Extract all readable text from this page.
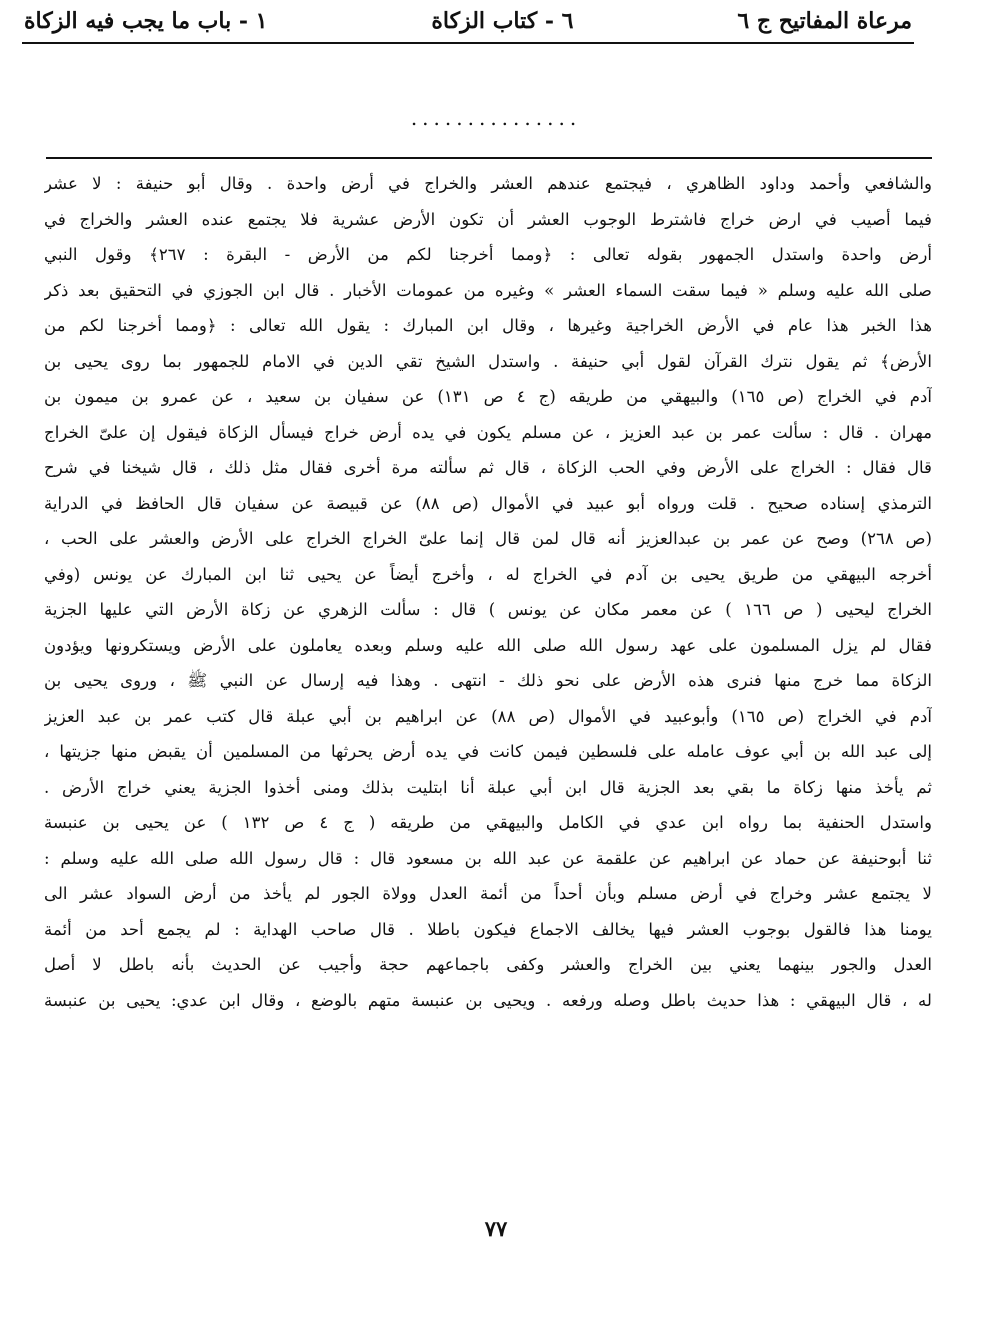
مرعاة المفاتيح ج ٦
٦ - كتاب الزكاة
١ - باب ما يجب فيه الزكاة
...............
والشافعي وأحمد وداود الظاهري ، فيجتمع عندهم العشر والخراج في أرض واحدة . وقال أبو حنيفة : لا عشر
فيما أصيب في ارض خراج فاشترط الوجوب العشر أن تكون الأرض عشرية فلا يجتمع عنده العشر والخراج في
أرض واحدة واستدل الجمهور بقوله تعالى : ﴿ومما أخرجنا لكم من الأرض - البقرة : ٢٦٧﴾ وقول النبي
صلى الله عليه وسلم « فيما سقت السماء العشر » وغيره من عمومات الأخبار . قال ابن الجوزي في التحقيق بعد ذكر
هذا الخبر هذا عام في الأرض الخراجية وغيرها ، وقال ابن المبارك : يقول الله تعالى : ﴿ومما أخرجنا لكم من
الأرض﴾ ثم يقول نترك القرآن لقول أبي حنيفة . واستدل الشيخ تقي الدين في الامام للجمهور بما روى يحيى بن
آدم في الخراج (ص ١٦٥) والبيهقي من طريقه (ج ٤ ص ١٣١) عن سفيان بن سعيد ، عن عمرو بن ميمون بن
مهران . قال : سألت عمر بن عبد العزيز ، عن مسلم يكون في يده أرض خراج فيسأل الزكاة فيقول إن علىّ الخراج
قال فقال : الخراج على الأرض وفي الحب الزكاة ، قال ثم سألته مرة أخرى فقال مثل ذلك ، قال شيخنا في شرح
الترمذي إسناده صحيح . قلت ورواه أبو عبيد في الأموال (ص ٨٨) عن قبيصة عن سفيان قال الحافظ في الدراية
(ص ٢٦٨) وصح عن عمر بن عبدالعزيز أنه قال لمن قال إنما علىّ الخراج الخراج على الأرض والعشر على الحب ،
أخرجه البيهقي من طريق يحيى بن آدم في الخراج له ، وأخرج أيضاً عن يحيى ثنا ابن المبارك عن يونس (وفي
الخراج ليحيى ( ص ١٦٦ ) عن معمر مكان عن يونس ) قال : سألت الزهري عن زكاة الأرض التي عليها الجزية
فقال لم يزل المسلمون على عهد رسول الله صلى الله عليه وسلم وبعده يعاملون على الأرض ويستكرونها ويؤدون
الزكاة مما خرج منها فنرى هذه الأرض على نحو ذلك - انتهى . وهذا فيه إرسال عن النبي ﷺ ، وروى يحيى بن
آدم في الخراج (ص ١٦٥) وأبوعبيد في الأموال (ص ٨٨) عن ابراهيم بن أبي عبلة قال كتب عمر بن عبد العزيز
إلى عبد الله بن أبي عوف عامله على فلسطين فيمن كانت في يده أرض يحرثها من المسلمين أن يقبض منها جزيتها ،
ثم يأخذ منها زكاة ما بقي بعد الجزية قال ابن أبي عبلة أنا ابتليت بذلك ومنى أخذوا الجزية يعني خراج الأرض .
واستدل الحنفية بما رواه ابن عدي في الكامل والبيهقي من طريقه ( ج ٤ ص ١٣٢ ) عن يحيى بن عنبسة
ثنا أبوحنيفة عن حماد عن ابراهيم عن علقمة عن عبد الله بن مسعود قال : قال رسول الله صلى الله عليه وسلم :
لا يجتمع عشر وخراج في أرض مسلم وبأن أحداً من أئمة العدل وولاة الجور لم يأخذ من أرض السواد عشر الى
يومنا هذا فالقول بوجوب العشر فيها يخالف الاجماع فيكون باطلا . قال صاحب الهداية : لم يجمع أحد من أئمة
العدل والجور بينهما يعني بين الخراج والعشر وكفى باجماعهم حجة وأجيب عن الحديث بأنه باطل لا أصل
له ، قال البيهقي : هذا حديث باطل وصله ورفعه . ويحيى بن عنبسة متهم بالوضع ، وقال ابن عدي: يحيى بن عنبسة
٧٧
